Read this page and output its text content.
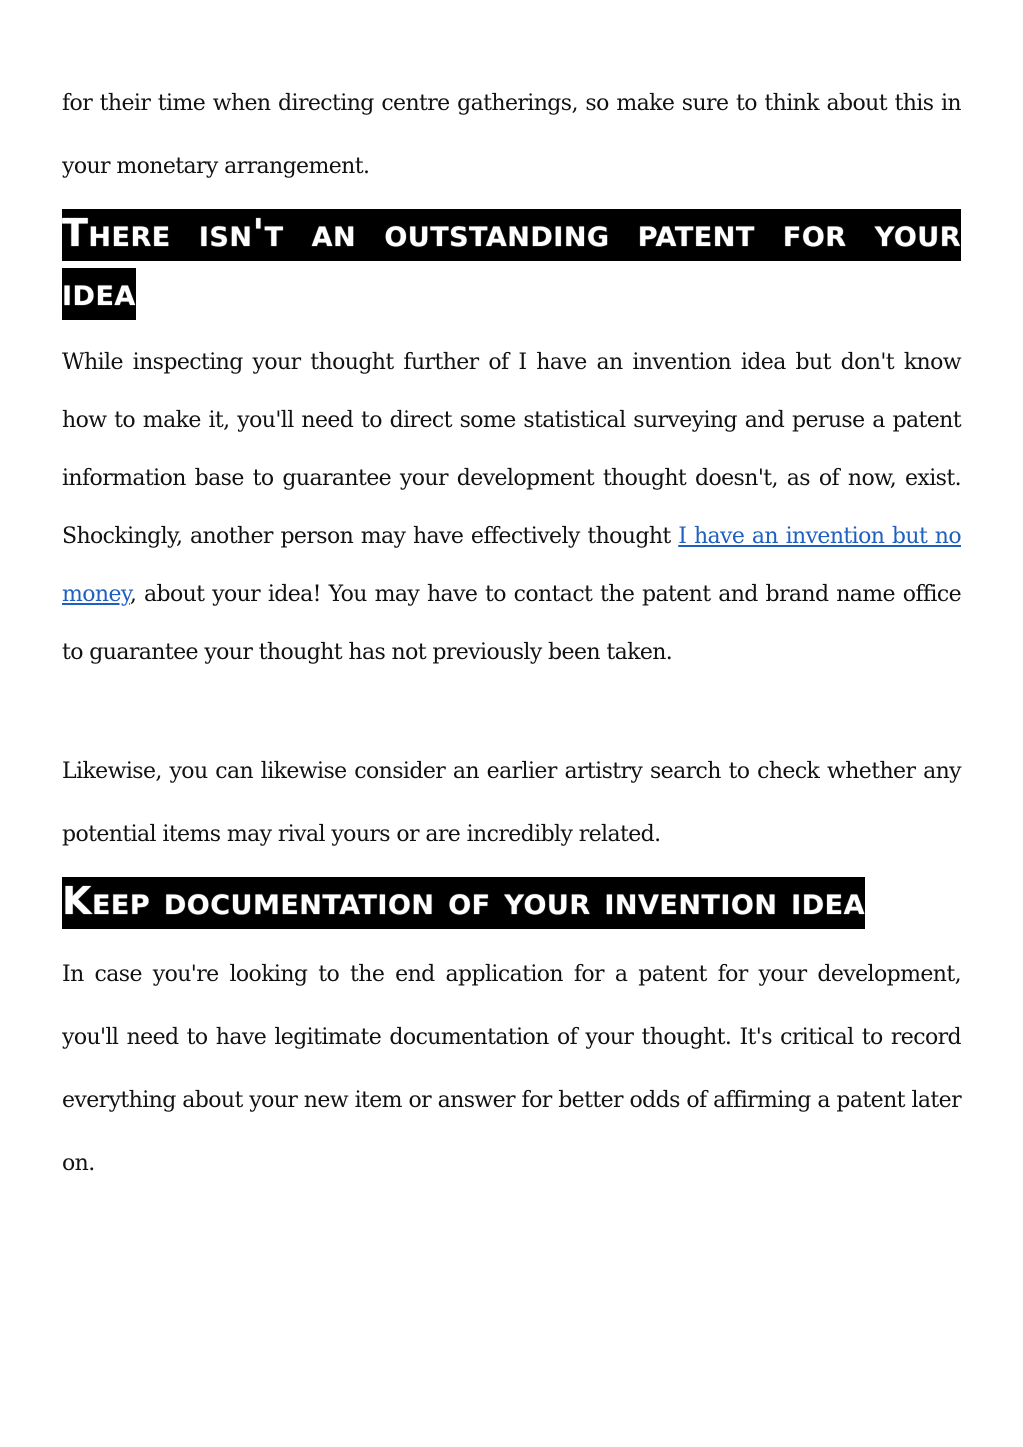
for their time when directing centre gatherings, so make sure to think about this in your monetary arrangement.

There isn't an outstanding patent for your idea

While inspecting your thought further of I have an invention idea but don't know how to make it, you'll need to direct some statistical surveying and peruse a patent information base to guarantee your development thought doesn't, as of now, exist. Shockingly, another person may have effectively thought I have an invention but no money, about your idea! You may have to contact the patent and brand name office to guarantee your thought has not previously been taken.

Likewise, you can likewise consider an earlier artistry search to check whether any potential items may rival yours or are incredibly related.

Keep documentation of your invention idea

In case you're looking to the end application for a patent for your development, you'll need to have legitimate documentation of your thought. It's critical to record everything about your new item or answer for better odds of affirming a patent later on.
